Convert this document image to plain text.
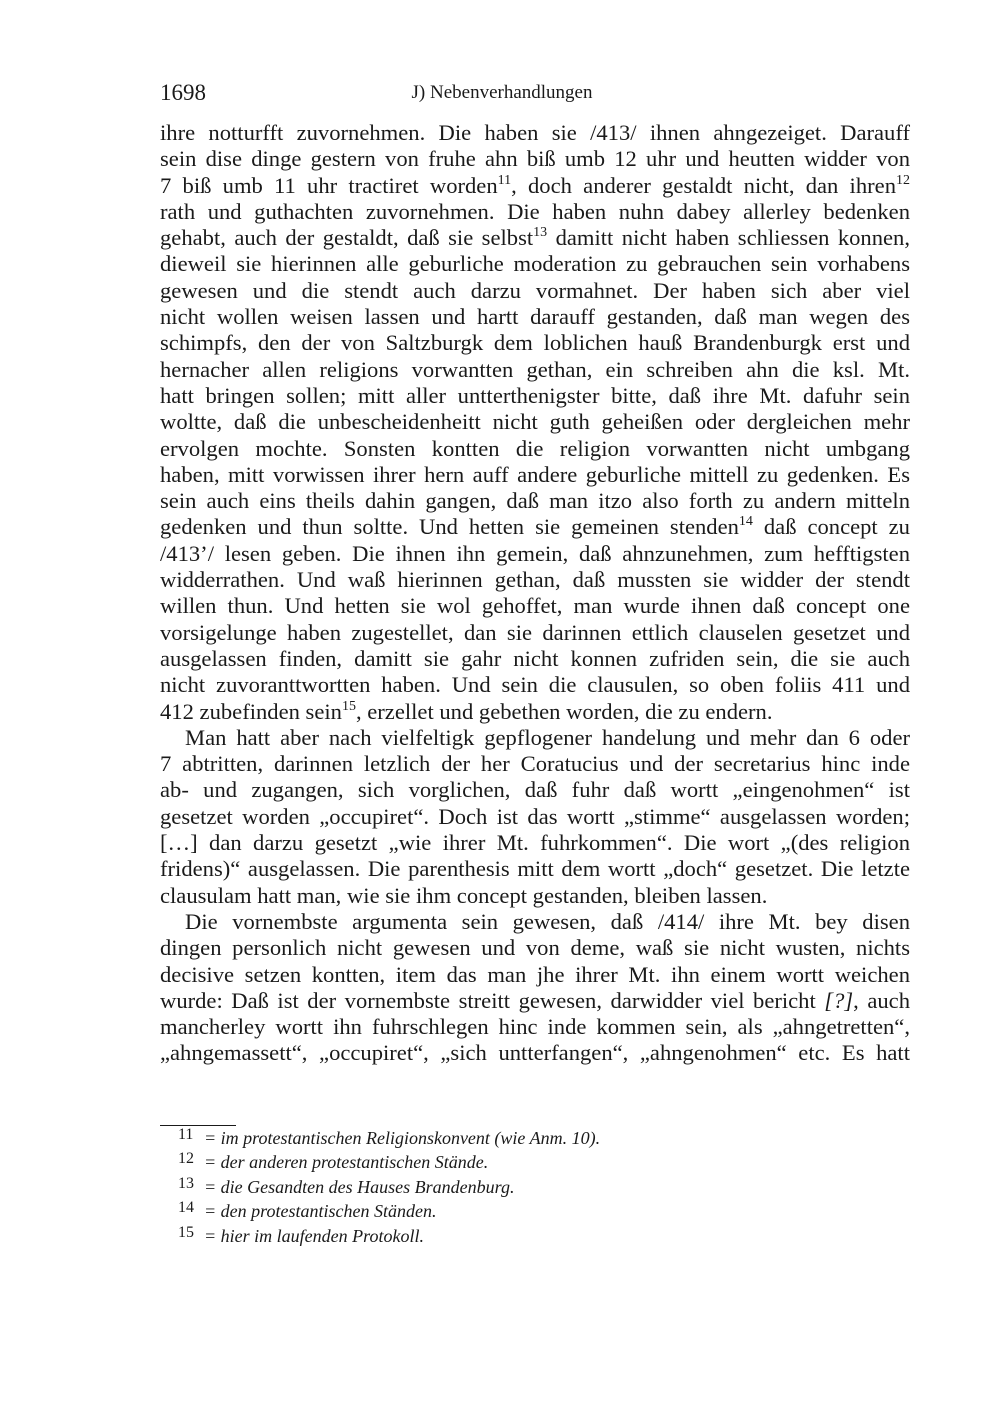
1698	J) Nebenverhandlungen
ihre notturfft zuvornehmen. Die haben sie /413/ ihnen ahngezeiget. Darauff
sein dise dinge gestern von fruhe ahn biß umb 12 uhr und heutten widder von
7 biß umb 11 uhr tractiret worden$^{11}$, doch anderer gestaldt nicht, dan ihren$^{12}$
rath und guthachten zuvornehmen. Die haben nuhn dabey allerley bedenken
gehabt, auch der gestaldt, daß sie selbst$^{13}$ damitt nicht haben schliessen konnen,
dieweil sie hierinnen alle geburliche moderation zu gebrauchen sein vorhabens
gewesen und die stendt auch darzu vormahnet. Der haben sich aber viel
nicht wollen weisen lassen und hartt darauff gestanden, daß man wegen des
schimpfs, den der von Saltzburgk dem loblichen hauß Brandenburgk erst und
hernacher allen religions vorwantten gethan, ein schreiben ahn die ksl. Mt.
hatt bringen sollen; mitt aller untterthenigster bitte, daß ihre Mt. dafuhr sein
woltte, daß die unbescheidenheitt nicht guth geheißen oder dergleichen mehr
ervolgen mochte. Sonsten kontten die religion vorwantten nicht umbgang
haben, mitt vorwissen ihrer hern auff andere geburliche mittell zu gedenken. Es
sein auch eins theils dahin gangen, daß man itzo also forth zu andern mitteln
gedenken und thun soltte. Und hetten sie gemeinen stenden$^{14}$ daß concept zu
/413’/ lesen geben. Die ihnen ihn gemein, daß ahnzunehmen, zum hefftigsten
widderrathen. Und waß hierinnen gethan, daß mussten sie widder der stendt
willen thun. Und hetten sie wol gehoffet, man wurde ihnen daß concept one
vorsigelunge haben zugestellet, dan sie darinnen ettlich clauselen gesetzet und
ausgelassen finden, damitt sie gahr nicht konnen zufriden sein, die sie auch
nicht zuvoranttwortten haben. Und sein die clausulen, so oben foliis 411 und
412 zubefinden sein$^{15}$, erzellet und gebethen worden, die zu endern.
Man hatt aber nach vielfeltigk gepflogener handelung und mehr dan 6 oder
7 abtritten, darinnen letzlich der her Coratucius und der secretarius hinc inde
ab- und zugangen, sich vorglichen, daß fuhr daß wortt „eingenohmen“ ist
gesetzet worden „occupiret“. Doch ist das wortt „stimme“ ausgelassen worden;
[…] dan darzu gesetzt „wie ihrer Mt. fuhrkommen“. Die wort „(des religion
fridens)“ ausgelassen. Die parenthesis mitt dem wortt „doch“ gesetzet. Die letzte
clausulam hatt man, wie sie ihm concept gestanden, bleiben lassen.
Die vornembste argumenta sein gewesen, daß /414/ ihre Mt. bey disen
dingen personlich nicht gewesen und von deme, waß sie nicht wusten, nichts
decisive setzen kontten, item das man jhe ihrer Mt. ihn einem wortt weichen
wurde: Daß ist der vornembste streitt gewesen, darwidder viel bericht [?], auch
mancherley wortt ihn fuhrschlegen hinc inde kommen sein, als „ahngetretten“,
„ahngemassett“, „occupiret“, „sich untterfangen“, „ahngenohmen“ etc. Es hatt
11 = im protestantischen Religionskonvent (wie Anm. 10).
12 = der anderen protestantischen Stände.
13 = die Gesandten des Hauses Brandenburg.
14 = den protestantischen Ständen.
15 = hier im laufenden Protokoll.
